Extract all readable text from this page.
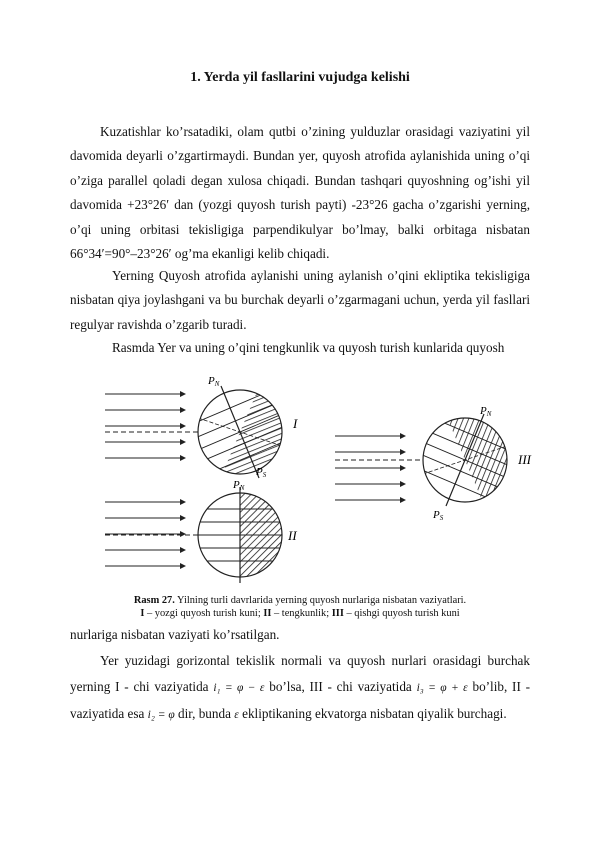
1. Yerda yil fasllarini vujudga kelishi

Kuzatishlar ko’rsatadiki, olam qutbi o’zining yulduzlar orasidagi vaziyatini yil davomida deyarli o’zgartirmaydi. Bundan yer, quyosh atrofida aylanishida uning o’qi o’ziga parallel qoladi degan xulosa chiqadi. Bundan tashqari quyoshning og’ishi yil davomida +23°26′ dan (yozgi quyosh turish payti) -23°26 gacha o’zgarishi yerning, o’qi uning orbitasi tekisligiga parpendikulyar bo’lmay, balki orbitaga nisbatan 66°34′=90°–23°26′ og’ma ekanligi kelib chiqadi.

Yerning Quyosh atrofida aylanishi uning aylanish o’qini ekliptika tekisligiga nisbatan qiya joylashgani va bu burchak deyarli o’zgarmagani uchun, yerda yil fasllari regulyar ravishda o’zgarib turadi.

Rasmda Yer va uning o’qini tengkunlik va quyosh turish kunlarida quyosh

PN
PS
I
PN
II
PN
PS
III
Rasm 27. Yilning turli davrlarida yerning quyosh nurlariga nisbatan vaziyatlari.
I – yozgi quyosh turish kuni; II – tengkunlik; III – qishgi quyosh turish kuni

nurlariga nisbatan vaziyati ko’rsatilgan.

Yer yuzidagi gorizontal tekislik normali va quyosh nurlari orasidagi burchak yerning I - chi vaziyatida i₁ = φ − ε bo’lsa, III - chi vaziyatida i₃ = φ + ε bo’lib, II - vaziyatida esa i₂ = φ dir, bunda ε ekliptikaning ekvatorga nisbatan qiyalik burchagi.
